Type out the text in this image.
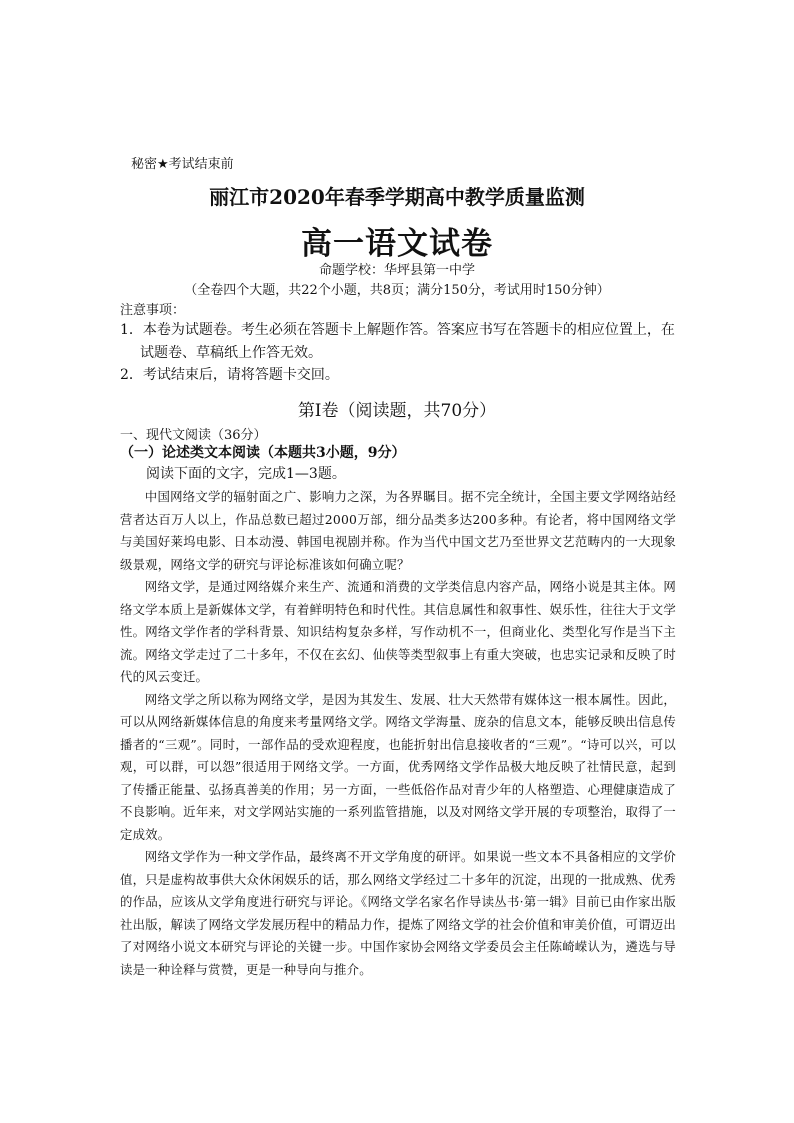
秘密★考试结束前
丽江市2020年春季学期高中教学质量监测
高一语文试卷
命题学校：华坪县第一中学
（全卷四个大题，共22个小题，共8页；满分150分，考试用时150分钟）
注意事项：
1．本卷为试题卷。考生必须在答题卡上解题作答。答案应书写在答题卡的相应位置上，在
试题卷、草稿纸上作答无效。
2．考试结束后，请将答题卡交回。
第Ⅰ卷（阅读题，共70分）
一、现代文阅读（36分）
（一）论述类文本阅读（本题共3小题，9分）
阅读下面的文字，完成1—3题。

中国网络文学的辐射面之广、影响力之深，为各界瞩目。据不完全统计，全国主要文学网络站经营者达百万人以上，作品总数已超过2000万部，细分品类多达200多种。有论者，将中国网络文学与美国好莱坞电影、日本动漫、韩国电视剧并称。作为当代中国文艺乃至世界文艺范畴内的一大现象级景观，网络文学的研究与评论标准该如何确立呢？

网络文学，是通过网络媒介来生产、流通和消费的文学类信息内容产品，网络小说是其主体。网络文学本质上是新媒体文学，有着鲜明特色和时代性。其信息属性和叙事性、娱乐性，往往大于文学性。网络文学作者的学科背景、知识结构复杂多样，写作动机不一，但商业化、类型化写作是当下主流。网络文学走过了二十多年，不仅在玄幻、仙侠等类型叙事上有重大突破，也忠实记录和反映了时代的风云变迁。

网络文学之所以称为网络文学，是因为其发生、发展、壮大天然带有媒体这一根本属性。因此，可以从网络新媒体信息的角度来考量网络文学。网络文学海量、庞杂的信息文本，能够反映出信息传播者的“三观”。同时，一部作品的受欢迎程度，也能折射出信息接收者的“三观”。“诗可以兴，可以观，可以群，可以怨”很适用于网络文学。一方面，优秀网络文学作品极大地反映了社情民意，起到了传播正能量、弘扬真善美的作用；另一方面，一些低俗作品对青少年的人格塑造、心理健康造成了不良影响。近年来，对文学网站实施的一系列监管措施，以及对网络文学开展的专项整治，取得了一定成效。

网络文学作为一种文学作品，最终离不开文学角度的研评。如果说一些文本不具备相应的文学价值，只是虚构故事供大众休闲娱乐的话，那么网络文学经过二十多年的沉淀，出现的一批成熟、优秀的作品，应该从文学角度进行研究与评论。《网络文学名家名作导读丛书·第一辑》目前已由作家出版社出版，解读了网络文学发展历程中的精品力作，提炼了网络文学的社会价值和审美价值，可谓迈出了对网络小说文本研究与评论的关键一步。中国作家协会网络文学委员会主任陈崎嵘认为，遴选与导读是一种诠释与赏赞，更是一种导向与推介。
